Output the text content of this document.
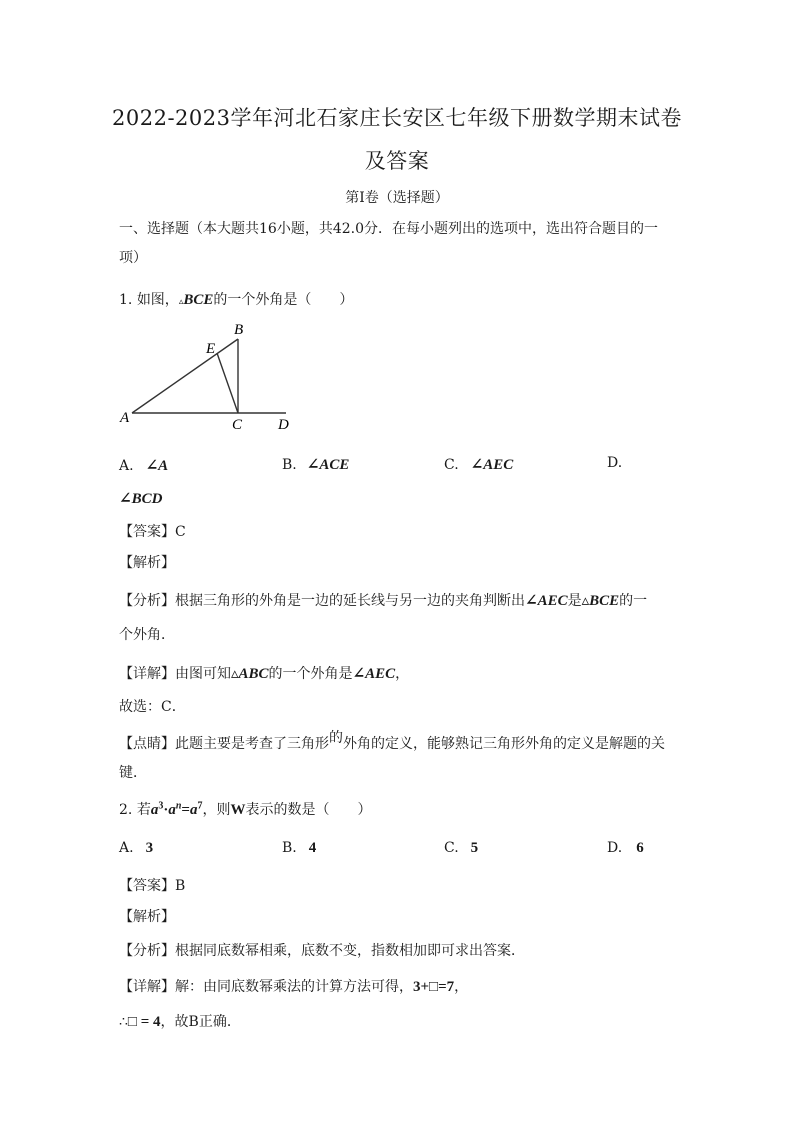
2022-2023学年河北石家庄长安区七年级下册数学期末试卷
及答案
第I卷（选择题）
一、选择题（本大题共16小题，共42.0分．在每小题列出的选项中，选出符合题目的一
项）
1. 如图，▵BCE的一个外角是（　　）
B
E
A	C D
A. ∠A	B. ∠ACE	C. ∠AEC	D.
∠BCD
【答案】C
【解析】
【分析】根据三角形的外角是一边的延长线与另一边的夹角判断出∠AEC是▵BCE的一
个外角．
【详解】由图可知▵ABC的一个外角是∠AEC，
故选：C．
【点睛】此题主要是考查了三角形的外角的定义，能够熟记三角形外角的定义是解题的关
键．
2. 若$a^3\cdot a^n=a^7$，则W表示的数是（　　）
A. 3	B. 4	C. 5	D. 6
【答案】B
【解析】
【分析】根据同底数幂相乘，底数不变，指数相加即可求出答案．
【详解】解：由同底数幂乘法的计算方法可得，3+□=7，
∴□ = 4，故B正确．
